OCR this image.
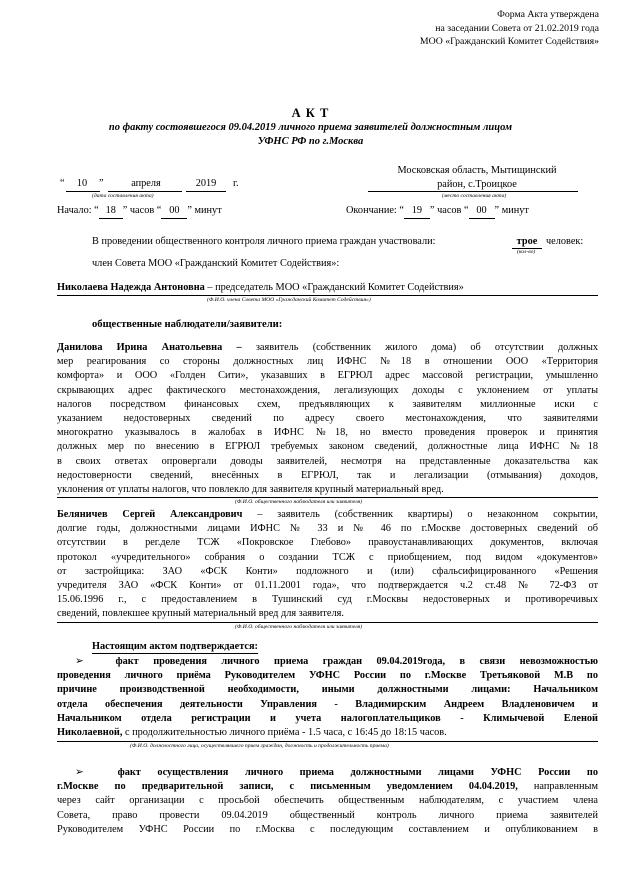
Форма Акта утверждена
на заседании Совета от 21.02.2019 года
МОО «Гражданский Комитет Содействия»
А К Т
по факту состоявшегося 09.04.2019 личного приема заявителей должностным лицом
УФНС РФ по г.Москва
“	10	”	апреля	2019	г.
(дата составления акта)
Московская область, Мытищинский
район, с.Троицкое
(место составления акта)
Начало: “ 18 ” часов “ 00 ” минут	Окончание: “ 19 ” часов “ 00 ” минут
В проведении общественного контроля личного приема граждан участвовали:	трое человек:
(кол-во)
член Совета МОО «Гражданский Комитет Содействия»:
Николаева Надежда Антоновна – председатель МОО «Гражданский Комитет Содействия»
(Ф.И.О. члена Совета МОО «Гражданский Комитет Содействия»)
общественные наблюдатели/заявители:
Данилова Ирина Анатольевна – заявитель (собственник жилого дома) об отсутствии должных
мер реагирования со стороны должностных лиц ИФНС №18 в отношении ООО «Территория
комфорта» и ООО «Голден Сити», указавших в ЕГРЮЛ адрес массовой регистрации, умышленно
скрывающих адрес фактического местонахождения, легализующих доходы с уклонением от уплаты
налогов посредством финансовых схем, предъявляющих к заявителям миллионные иски с
указанием недостоверных сведений по адресу своего местонахождения, что заявителями
многократно указывалось в жалобах в ИФНС №18, но вместо проведения проверок и принятия
должных мер по внесению в ЕГРЮЛ требуемых законом сведений, должностные лица ИФНС №18
в своих ответах опровергали доводы заявителей, несмотря на представленные доказательства как
недостоверности сведений, внесённых в ЕГРЮЛ, так и легализации (отмывания) доходов,
уклонения от уплаты налогов, что повлекло для заявителя крупный материальный вред.
(Ф.И.О. общественного наблюдателя или заявителя)
Беляничев Сергей Александрович – заявитель (собственник квартиры) о незаконном сокрытии,
долгие годы, должностными лицами ИФНС № 33 и № 46 по г.Москве достоверных сведений об
отсутствии в рег.деле ТСЖ «Покровское Глебово» правоустанавливающих документов, включая
протокол «учредительного» собрания о создании ТСЖ с приобщением, под видом «документов»
от застройщика: ЗАО «ФСК Конти» подложного и (или) сфальсифицированного «Решения
учредителя ЗАО «ФСК Конти» от 01.11.2001 года», что подтверждается ч.2 ст.48 № 72-ФЗ от
15.06.1996 г., с предоставлением в Тушинский суд г.Москвы недостоверных и противоречивых
сведений, повлекшее крупный материальный вред для заявителя.
(Ф.И.О. общественного наблюдателя или заявителя)
Настоящим актом подтверждается:
➢	факт проведения личного приема граждан 09.04.2019года, в связи невозможностью
проведения личного приёма Руководителем УФНС России по г.Москве Третьяковой М.В по
причине производственной необходимости, иными должностными лицами: Начальником
отдела обеспечения деятельности Управления - Владимирским Андреем Владленовичем и
Начальником отдела регистрации и учета налогоплательщиков - Климычевой Еленой
Николаевной, с продолжительностью личного приёма - 1.5 часа, с 16:45 до 18:15 часов.
(Ф.И.О. должностного лица, осуществлявшего прием граждан, должность и продолжительность приема)
➢	факт осуществления личного приема должностными лицами УФНС России по
г.Москве по предварительной записи, с письменным уведомлением 04.04.2019, направленным
через сайт организации с просьбой обеспечить общественным наблюдателям, с участием члена
Совета, право провести 09.04.2019 общественный контроль личного приема заявителей
Руководителем УФНС России по г.Москва с последующим составлением и опубликованием в
